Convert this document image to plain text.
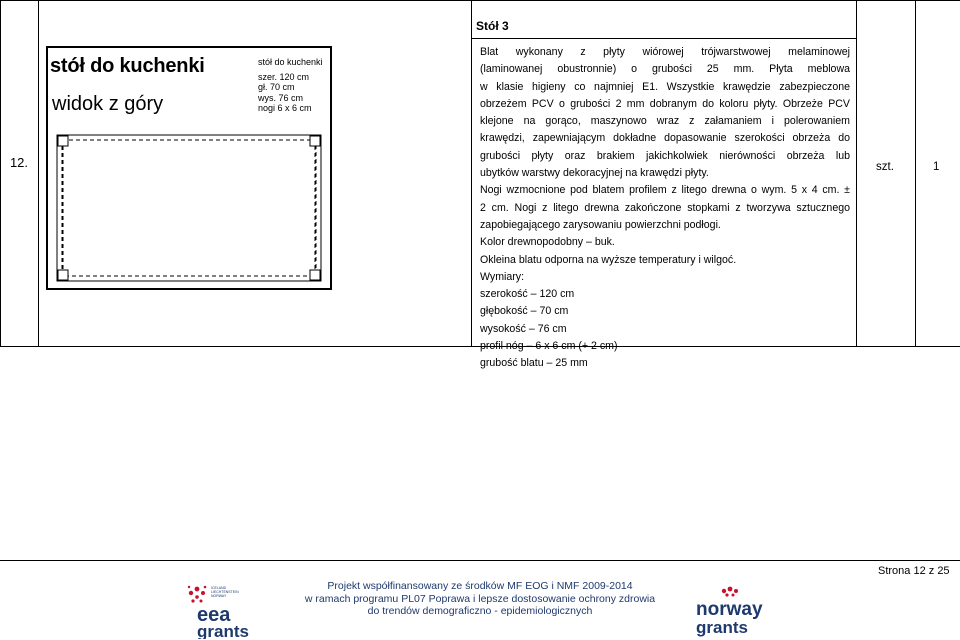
12.
Stół 3
stół do kuchenki
widok z góry
stół do kuchenki
szer. 120 cm
gł. 70 cm
wys. 76 cm
nogi 6 x 6 cm
Blat wykonany z płyty wiórowej trójwarstwowej melaminowej
(laminowanej obustronnie) o grubości 25 mm. Płyta meblowa
w klasie higieny co najmniej E1. Wszystkie krawędzie zabezpieczone
obrzeżem PCV o grubości 2 mm dobranym do koloru płyty. Obrzeże PCV
klejone na gorąco, maszynowo wraz z załamaniem i polerowaniem
krawędzi, zapewniającym dokładne dopasowanie szerokości obrzeża do
grubości płyty oraz brakiem jakichkolwiek nierówności obrzeża lub
ubytków warstwy dekoracyjnej na krawędzi płyty.
Nogi wzmocnione pod blatem profilem z litego drewna o wym. 5 x 4 cm. ±
2 cm. Nogi z litego drewna zakończone stopkami z tworzywa sztucznego
zapobiegającego zarysowaniu powierzchni podłogi.

Kolor drewnopodobny – buk.

Okleina blatu odporna na wyższe temperatury i wilgoć.

Wymiary:

szerokość – 120 cm
głębokość – 70 cm
wysokość – 76 cm
profil nóg – 6 x 6 cm (+ 2 cm)
grubość blatu – 25 mm
szt.	1
Strona 12 z 25
ICELAND
LIECHTENSTEIN
NORWAY
eea
grants
Projekt współfinansowany ze środków MF EOG i NMF 2009-2014
w ramach programu PL07 Poprawa i lepsze dostosowanie ochrony zdrowia
do trendów demograficzno - epidemiologicznych	norway
grants
